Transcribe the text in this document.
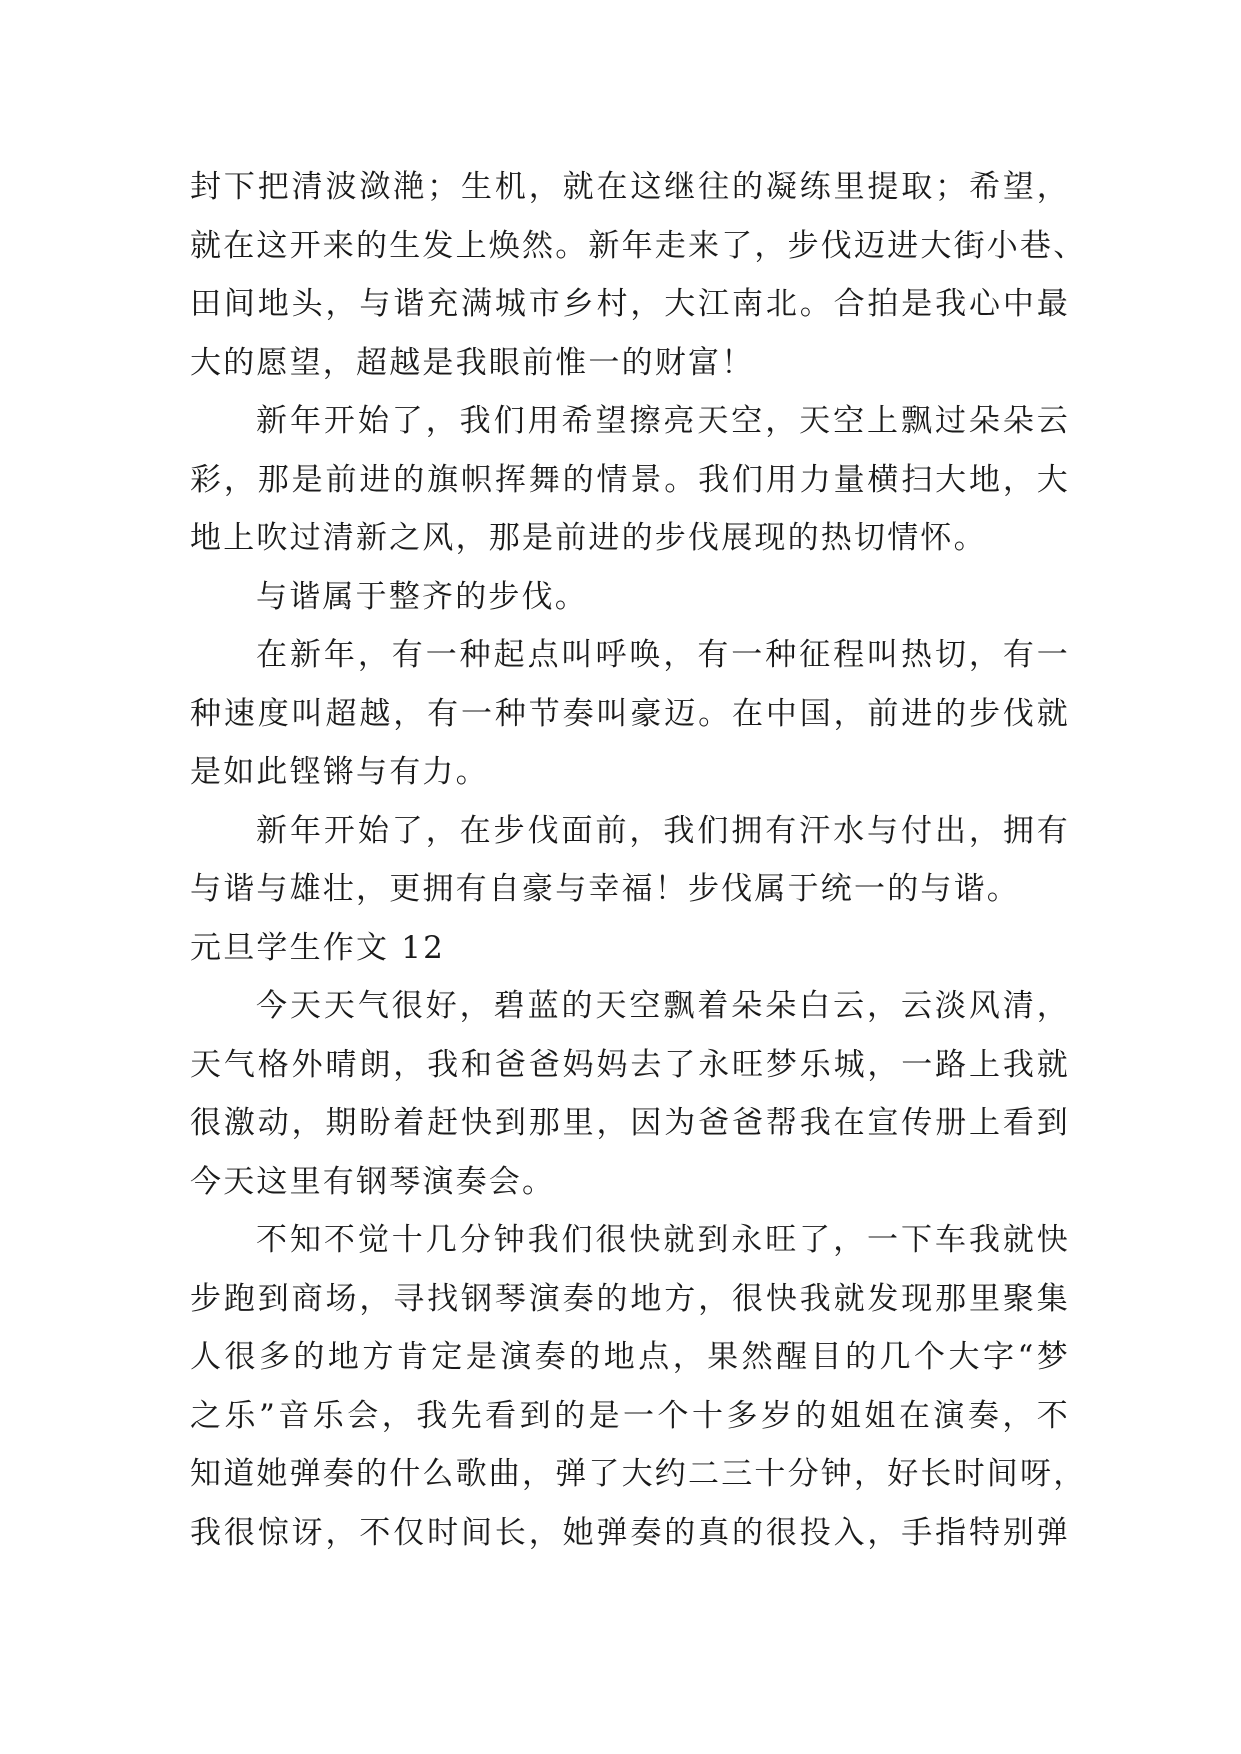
封下把清波潋滟；生机，就在这继往的凝练里提取；希望，
就在这开来的生发上焕然。新年走来了，步伐迈进大街小巷、
田间地头，与谐充满城市乡村，大江南北。合拍是我心中最
大的愿望，超越是我眼前惟一的财富！
新年开始了，我们用希望擦亮天空，天空上飘过朵朵云
彩，那是前进的旗帜挥舞的情景。我们用力量横扫大地，大
地上吹过清新之风，那是前进的步伐展现的热切情怀。
与谐属于整齐的步伐。
在新年，有一种起点叫呼唤，有一种征程叫热切，有一
种速度叫超越，有一种节奏叫豪迈。在中国，前进的步伐就
是如此铿锵与有力。
新年开始了，在步伐面前，我们拥有汗水与付出，拥有
与谐与雄壮，更拥有自豪与幸福！步伐属于统一的与谐。
元旦学生作文 12
今天天气很好，碧蓝的天空飘着朵朵白云，云淡风清，
天气格外晴朗，我和爸爸妈妈去了永旺梦乐城，一路上我就
很激动，期盼着赶快到那里，因为爸爸帮我在宣传册上看到
今天这里有钢琴演奏会。
不知不觉十几分钟我们很快就到永旺了，一下车我就快
步跑到商场，寻找钢琴演奏的地方，很快我就发现那里聚集
人很多的地方肯定是演奏的地点，果然醒目的几个大字“梦
之乐”音乐会，我先看到的是一个十多岁的姐姐在演奏，不
知道她弹奏的什么歌曲，弹了大约二三十分钟，好长时间呀，
我很惊讶，不仅时间长，她弹奏的真的很投入，手指特别弹
